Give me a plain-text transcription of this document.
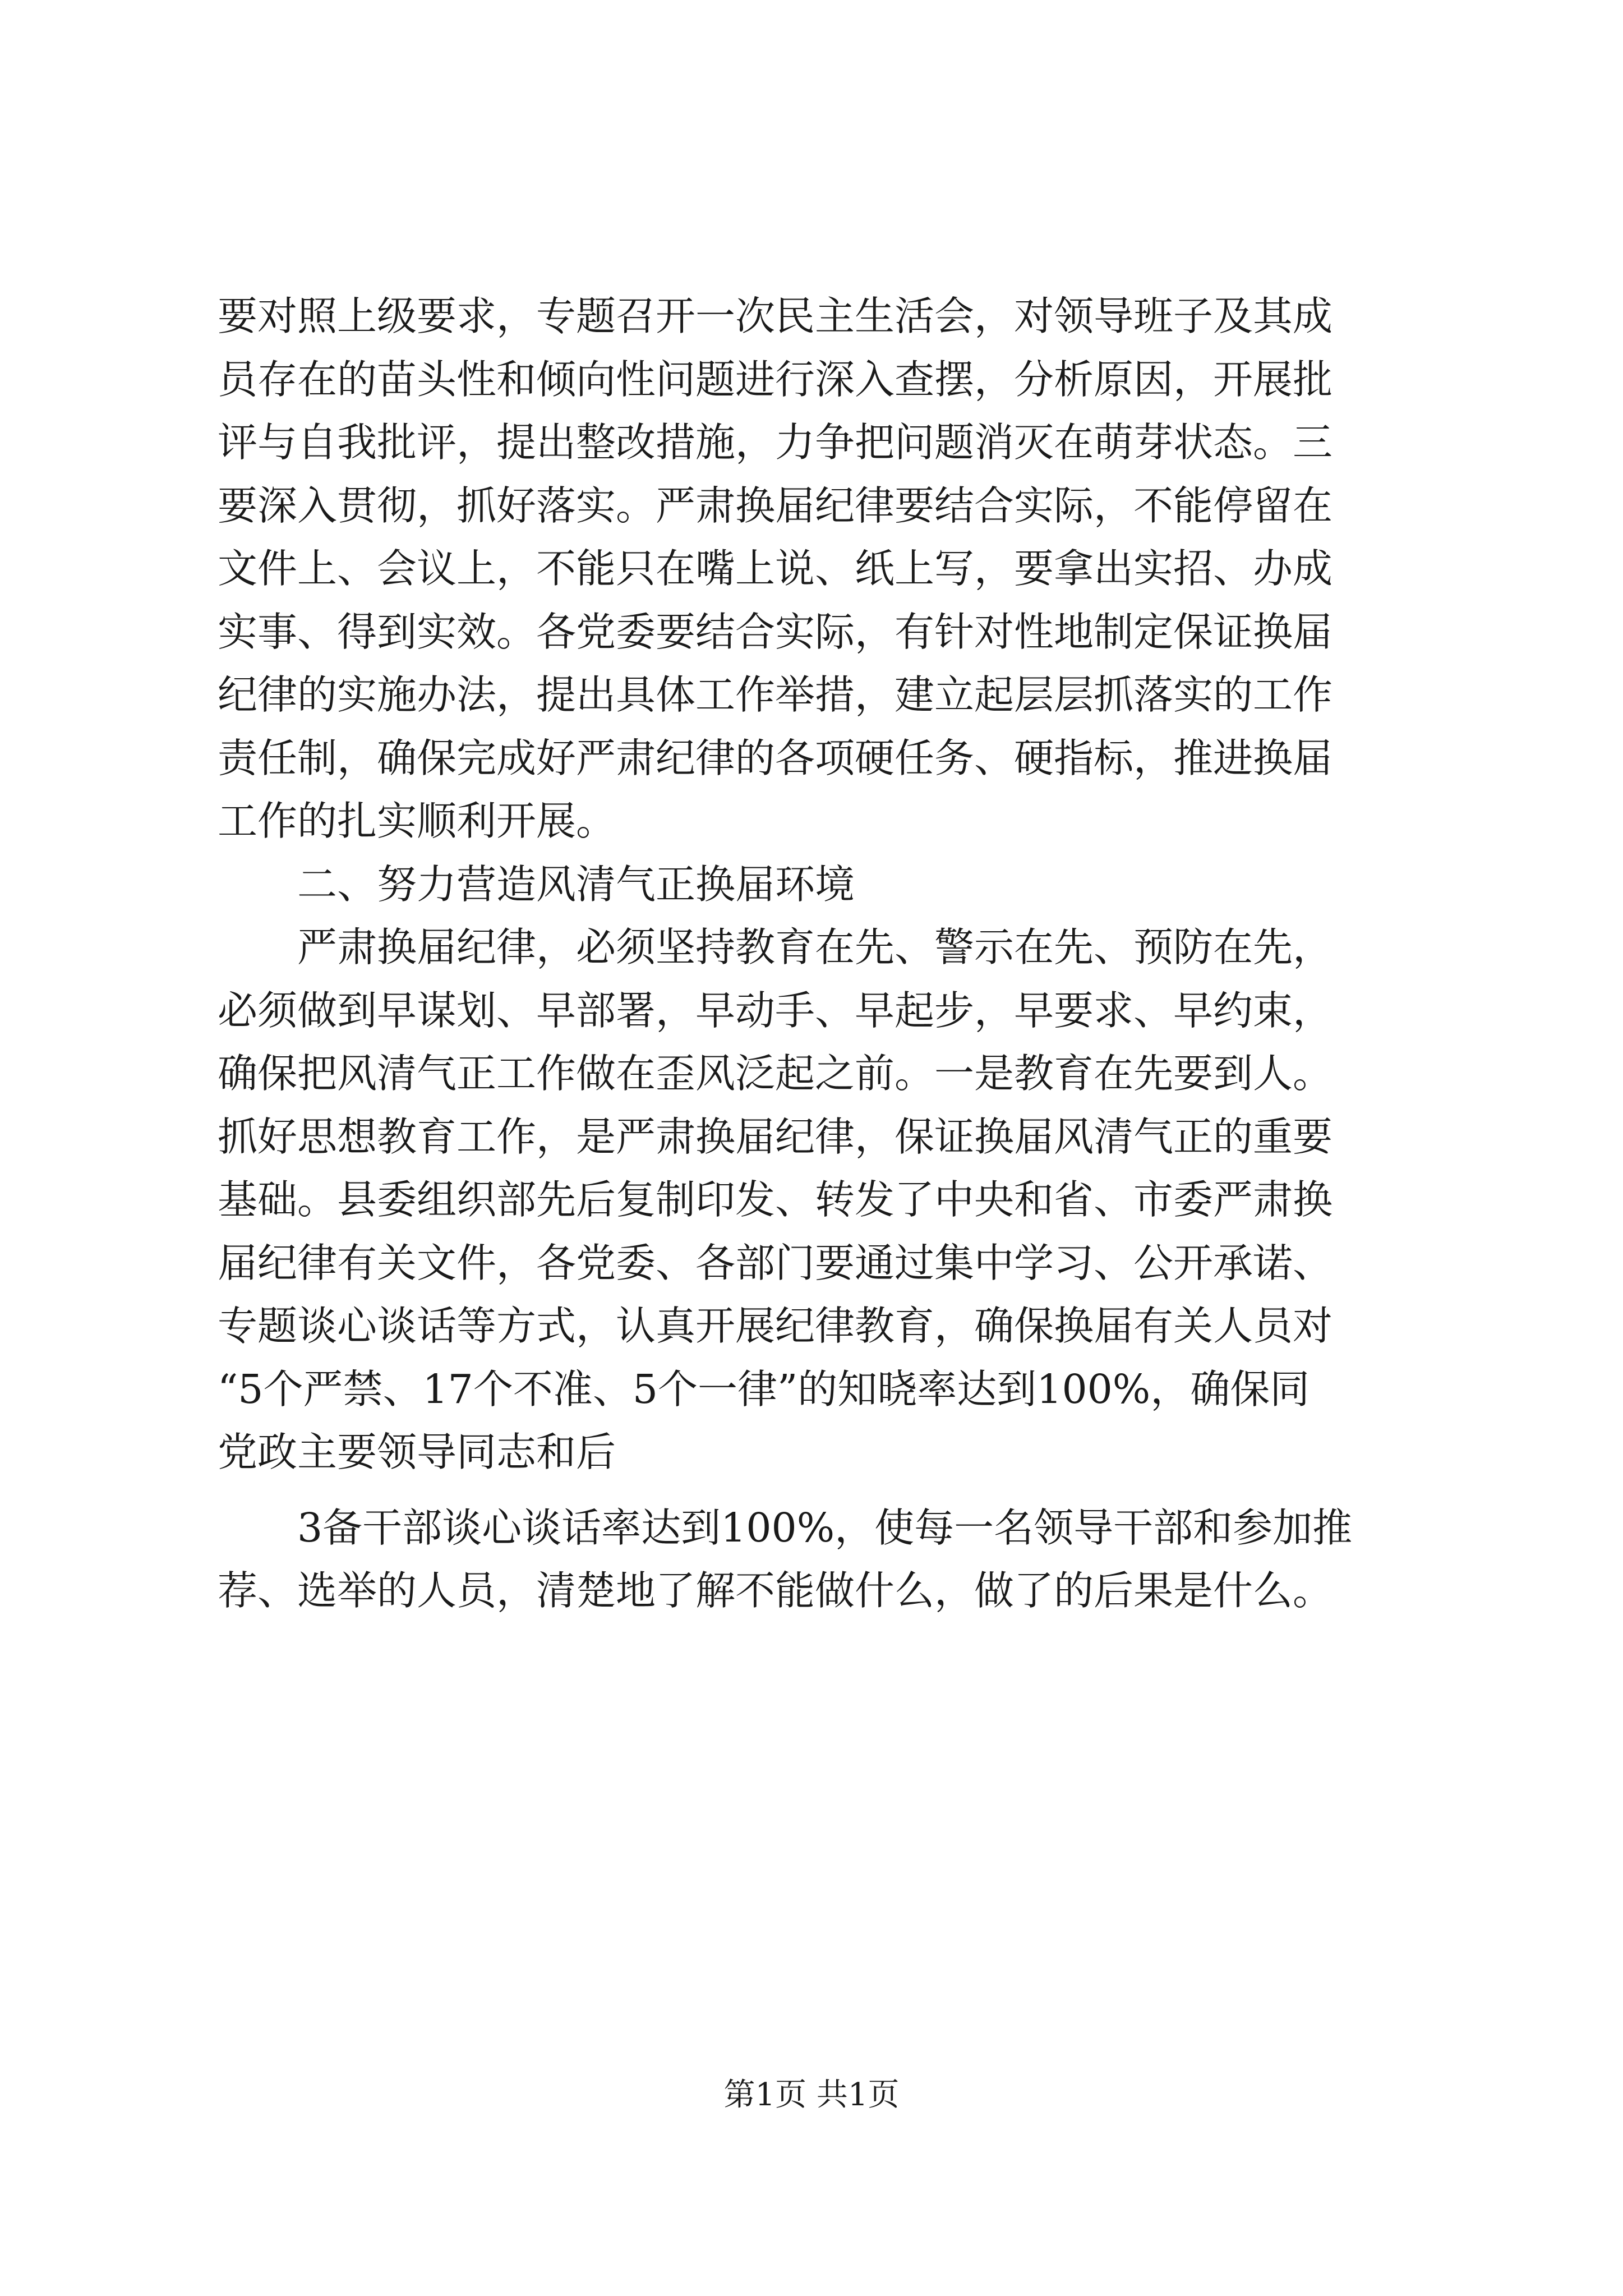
要对照上级要求，专题召开一次民主生活会，对领导班子及其成
员存在的苗头性和倾向性问题进行深入查摆，分析原因，开展批
评与自我批评，提出整改措施，力争把问题消灭在萌芽状态。三
要深入贯彻，抓好落实。严肃换届纪律要结合实际，不能停留在
文件上、会议上，不能只在嘴上说、纸上写，要拿出实招、办成
实事、得到实效。各党委要结合实际，有针对性地制定保证换届
纪律的实施办法，提出具体工作举措，建立起层层抓落实的工作
责任制，确保完成好严肃纪律的各项硬任务、硬指标，推进换届
工作的扎实顺利开展。
　　二、努力营造风清气正换届环境
　　严肃换届纪律，必须坚持教育在先、警示在先、预防在先，
必须做到早谋划、早部署，早动手、早起步，早要求、早约束，
确保把风清气正工作做在歪风泛起之前。一是教育在先要到人。
抓好思想教育工作，是严肃换届纪律，保证换届风清气正的重要
基础。县委组织部先后复制印发、转发了中央和省、市委严肃换
届纪律有关文件，各党委、各部门要通过集中学习、公开承诺、
专题谈心谈话等方式，认真开展纪律教育，确保换届有关人员对
“5个严禁、17个不准、5个一律”的知晓率达到100%，确保同
党政主要领导同志和后
　　3备干部谈心谈话率达到100%，使每一名领导干部和参加推
荐、选举的人员，清楚地了解不能做什么，做了的后果是什么。
第1页 共1页
